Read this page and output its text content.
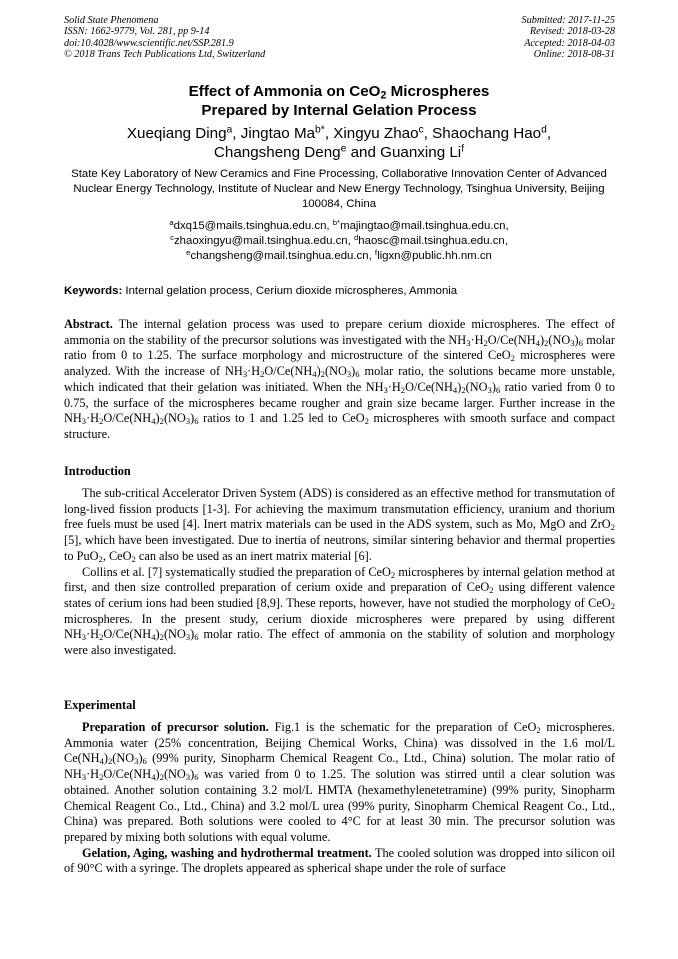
Solid State Phenomena
ISSN: 1662-9779, Vol. 281, pp 9-14
doi:10.4028/www.scientific.net/SSP.281.9
© 2018 Trans Tech Publications Ltd, Switzerland
Submitted: 2017-11-25
Revised: 2018-03-28
Accepted: 2018-04-03
Online: 2018-08-31
Effect of Ammonia on CeO$_2$ Microspheres
Prepared by Internal Gelation Process
Xueqiang Ding$^a$, Jingtao $Ma^{b*}$, Xingyu Zhao$^c$, Shaochang Hao$^d$,
Changsheng Deng$^e$ and Guanxing Li$^f$
State Key Laboratory of New Ceramics and Fine Processing, Collaborative Innovation Center of Advanced Nuclear Energy Technology, Institute of Nuclear and New Energy Technology, Tsinghua University, Beijing 100084, China
$^a$dxq15@mails.tsinghua.edu.cn, $^{b*}$majingtao@mail.tsinghua.edu.cn,
$^c$zhaoxingyu@mail.tsinghua.edu.cn, $^d$haosc@mail.tsinghua.edu.cn,
$^e$changsheng@mail.tsinghua.edu.cn, $^f$ligxn@public.hh.nm.cn
Keywords: Internal gelation process, Cerium dioxide microspheres, Ammonia

Abstract. The internal gelation process was used to prepare cerium dioxide microspheres. The effect of ammonia on the stability of the precursor solutions was investigated with the $NH_3\cdot H_2O/Ce(NH_4)_2(NO_3)_6$ molar ratio from 0 to 1.25. The surface morphology and microstructure of the sintered CeO$_2$ microspheres were analyzed. With the increase of $NH_3\cdot H_2O/Ce(NH_4)_2(NO_3)_6$ molar ratio, the solutions became more unstable, which indicated that their gelation was initiated. When the $NH_3\cdot H_2O/Ce(NH_4)_2(NO_3)_6$ ratio varied from 0 to 0.75, the surface of the microspheres became rougher and grain size became larger. Further increase in the $NH_3\cdot H_2O/Ce(NH_4)_2(NO_3)_6$ ratios to 1 and 1.25 led to CeO$_2$ microspheres with smooth surface and compact structure.

Introduction

The sub-critical Accelerator Driven System (ADS) is considered as an effective method for transmutation of long-lived fission products [1-3]. For achieving the maximum transmutation efficiency, uranium and thorium free fuels must be used [4]. Inert matrix materials can be used in the ADS system, such as Mo, MgO and ZrO$_2$ [5], which have been investigated. Due to inertia of neutrons, similar sintering behavior and thermal properties to PuO$_2$, CeO$_2$ can also be used as an inert matrix material [6].

Collins et al. [7] systematically studied the preparation of CeO$_2$ microspheres by internal gelation method at first, and then size controlled preparation of cerium oxide and preparation of CeO$_2$ using different valence states of cerium ions had been studied [8,9]. These reports, however, have not studied the morphology of CeO$_2$ microspheres. In the present study, cerium dioxide microspheres were prepared by using different $NH_3\cdot H_2O/Ce(NH_4)_2(NO_3)_6$ molar ratio. The effect of ammonia on the stability of solution and morphology were also investigated.

Experimental

Preparation of precursor solution. Fig.1 is the schematic for the preparation of CeO$_2$ microspheres. Ammonia water (25% concentration, Beijing Chemical Works, China) was dissolved in the 1.6 mol/L $Ce(NH_4)_2(NO_3)_6$ (99% purity, Sinopharm Chemical Reagent Co., Ltd., China) solution. The molar ratio of $NH_3\cdot H_2O/Ce(NH_4)_2(NO_3)_6$ was varied from 0 to 1.25. The solution was stirred until a clear solution was obtained. Another solution containing 3.2 mol/L HMTA (hexamethylenetetramine) (99% purity, Sinopharm Chemical Reagent Co., Ltd., China) and 3.2 mol/L urea (99% purity, Sinopharm Chemical Reagent Co., Ltd., China) was prepared. Both solutions were cooled to 4°C for at least 30 min. The precursor solution was prepared by mixing both solutions with equal volume.

Gelation, Aging, washing and hydrothermal treatment. The cooled solution was dropped into silicon oil of 90°C with a syringe. The droplets appeared as spherical shape under the role of surface
